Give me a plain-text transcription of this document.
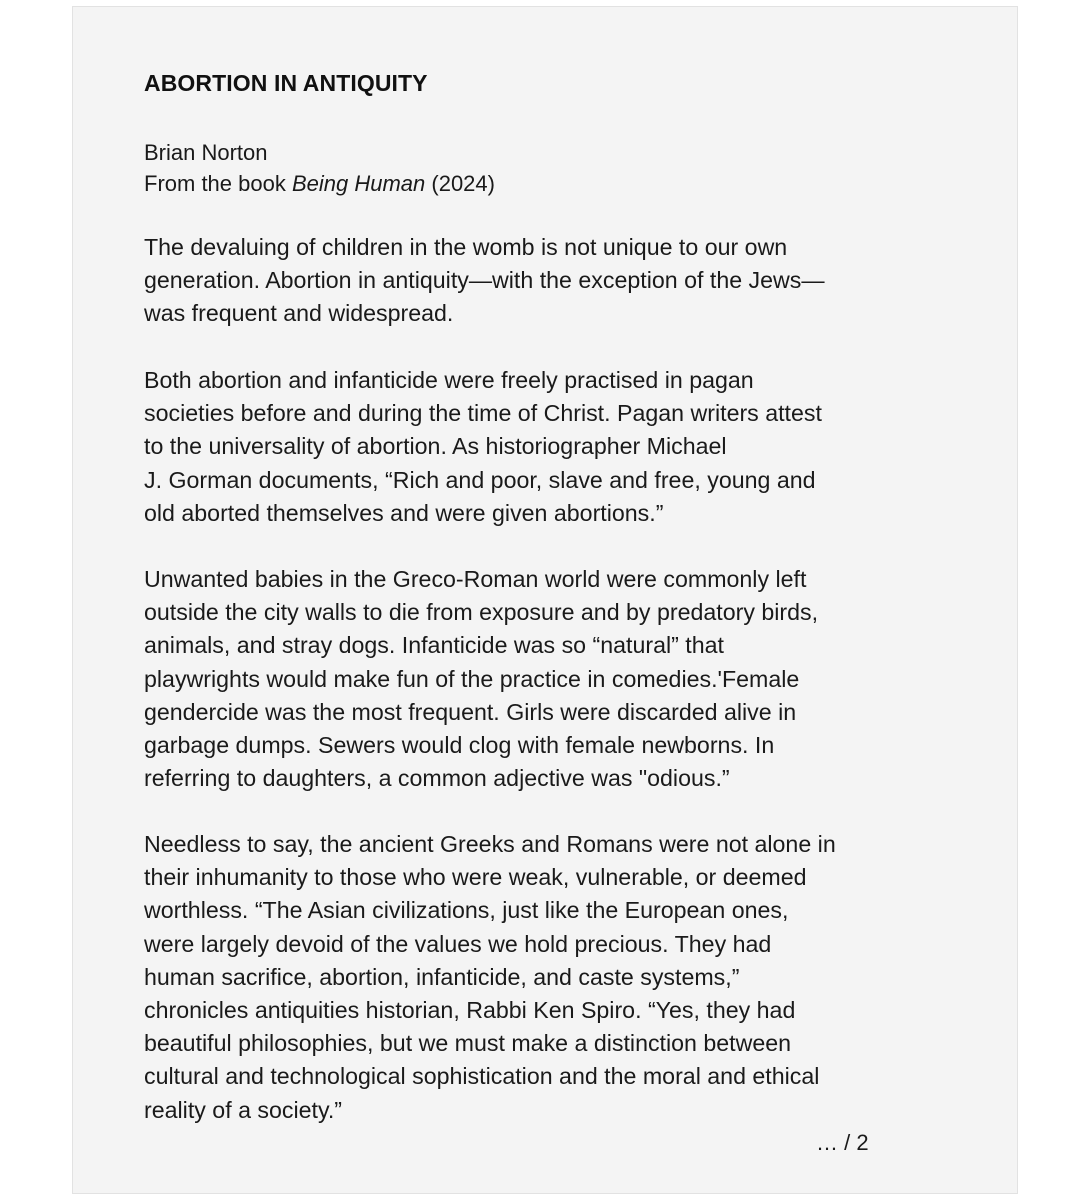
ABORTION IN ANTIQUITY
Brian Norton
From the book Being Human (2024)

The devaluing of children in the womb is not unique to our own
generation. Abortion in antiquity—with the exception of the Jews—
was frequent and widespread.

Both abortion and infanticide were freely practised in pagan
societies before and during the time of Christ. Pagan writers attest
to the universality of abortion. As historiographer Michael
J. Gorman documents, “Rich and poor, slave and free, young and
old aborted themselves and were given abortions.”

Unwanted babies in the Greco-Roman world were commonly left
outside the city walls to die from exposure and by predatory birds,
animals, and stray dogs. Infanticide was so “natural” that
playwrights would make fun of the practice in comedies.'Female
gendercide was the most frequent. Girls were discarded alive in
garbage dumps. Sewers would clog with female newborns. In
referring to daughters, a common adjective was "odious.”

Needless to say, the ancient Greeks and Romans were not alone in
their inhumanity to those who were weak, vulnerable, or deemed
worthless. “The Asian civilizations, just like the European ones,
were largely devoid of the values we hold precious. They had
human sacrifice, abortion, infanticide, and caste systems,”
chronicles antiquities historian, Rabbi Ken Spiro. “Yes, they had
beautiful philosophies, but we must make a distinction between
cultural and technological sophistication and the moral and ethical
reality of a society.”

… / 2
